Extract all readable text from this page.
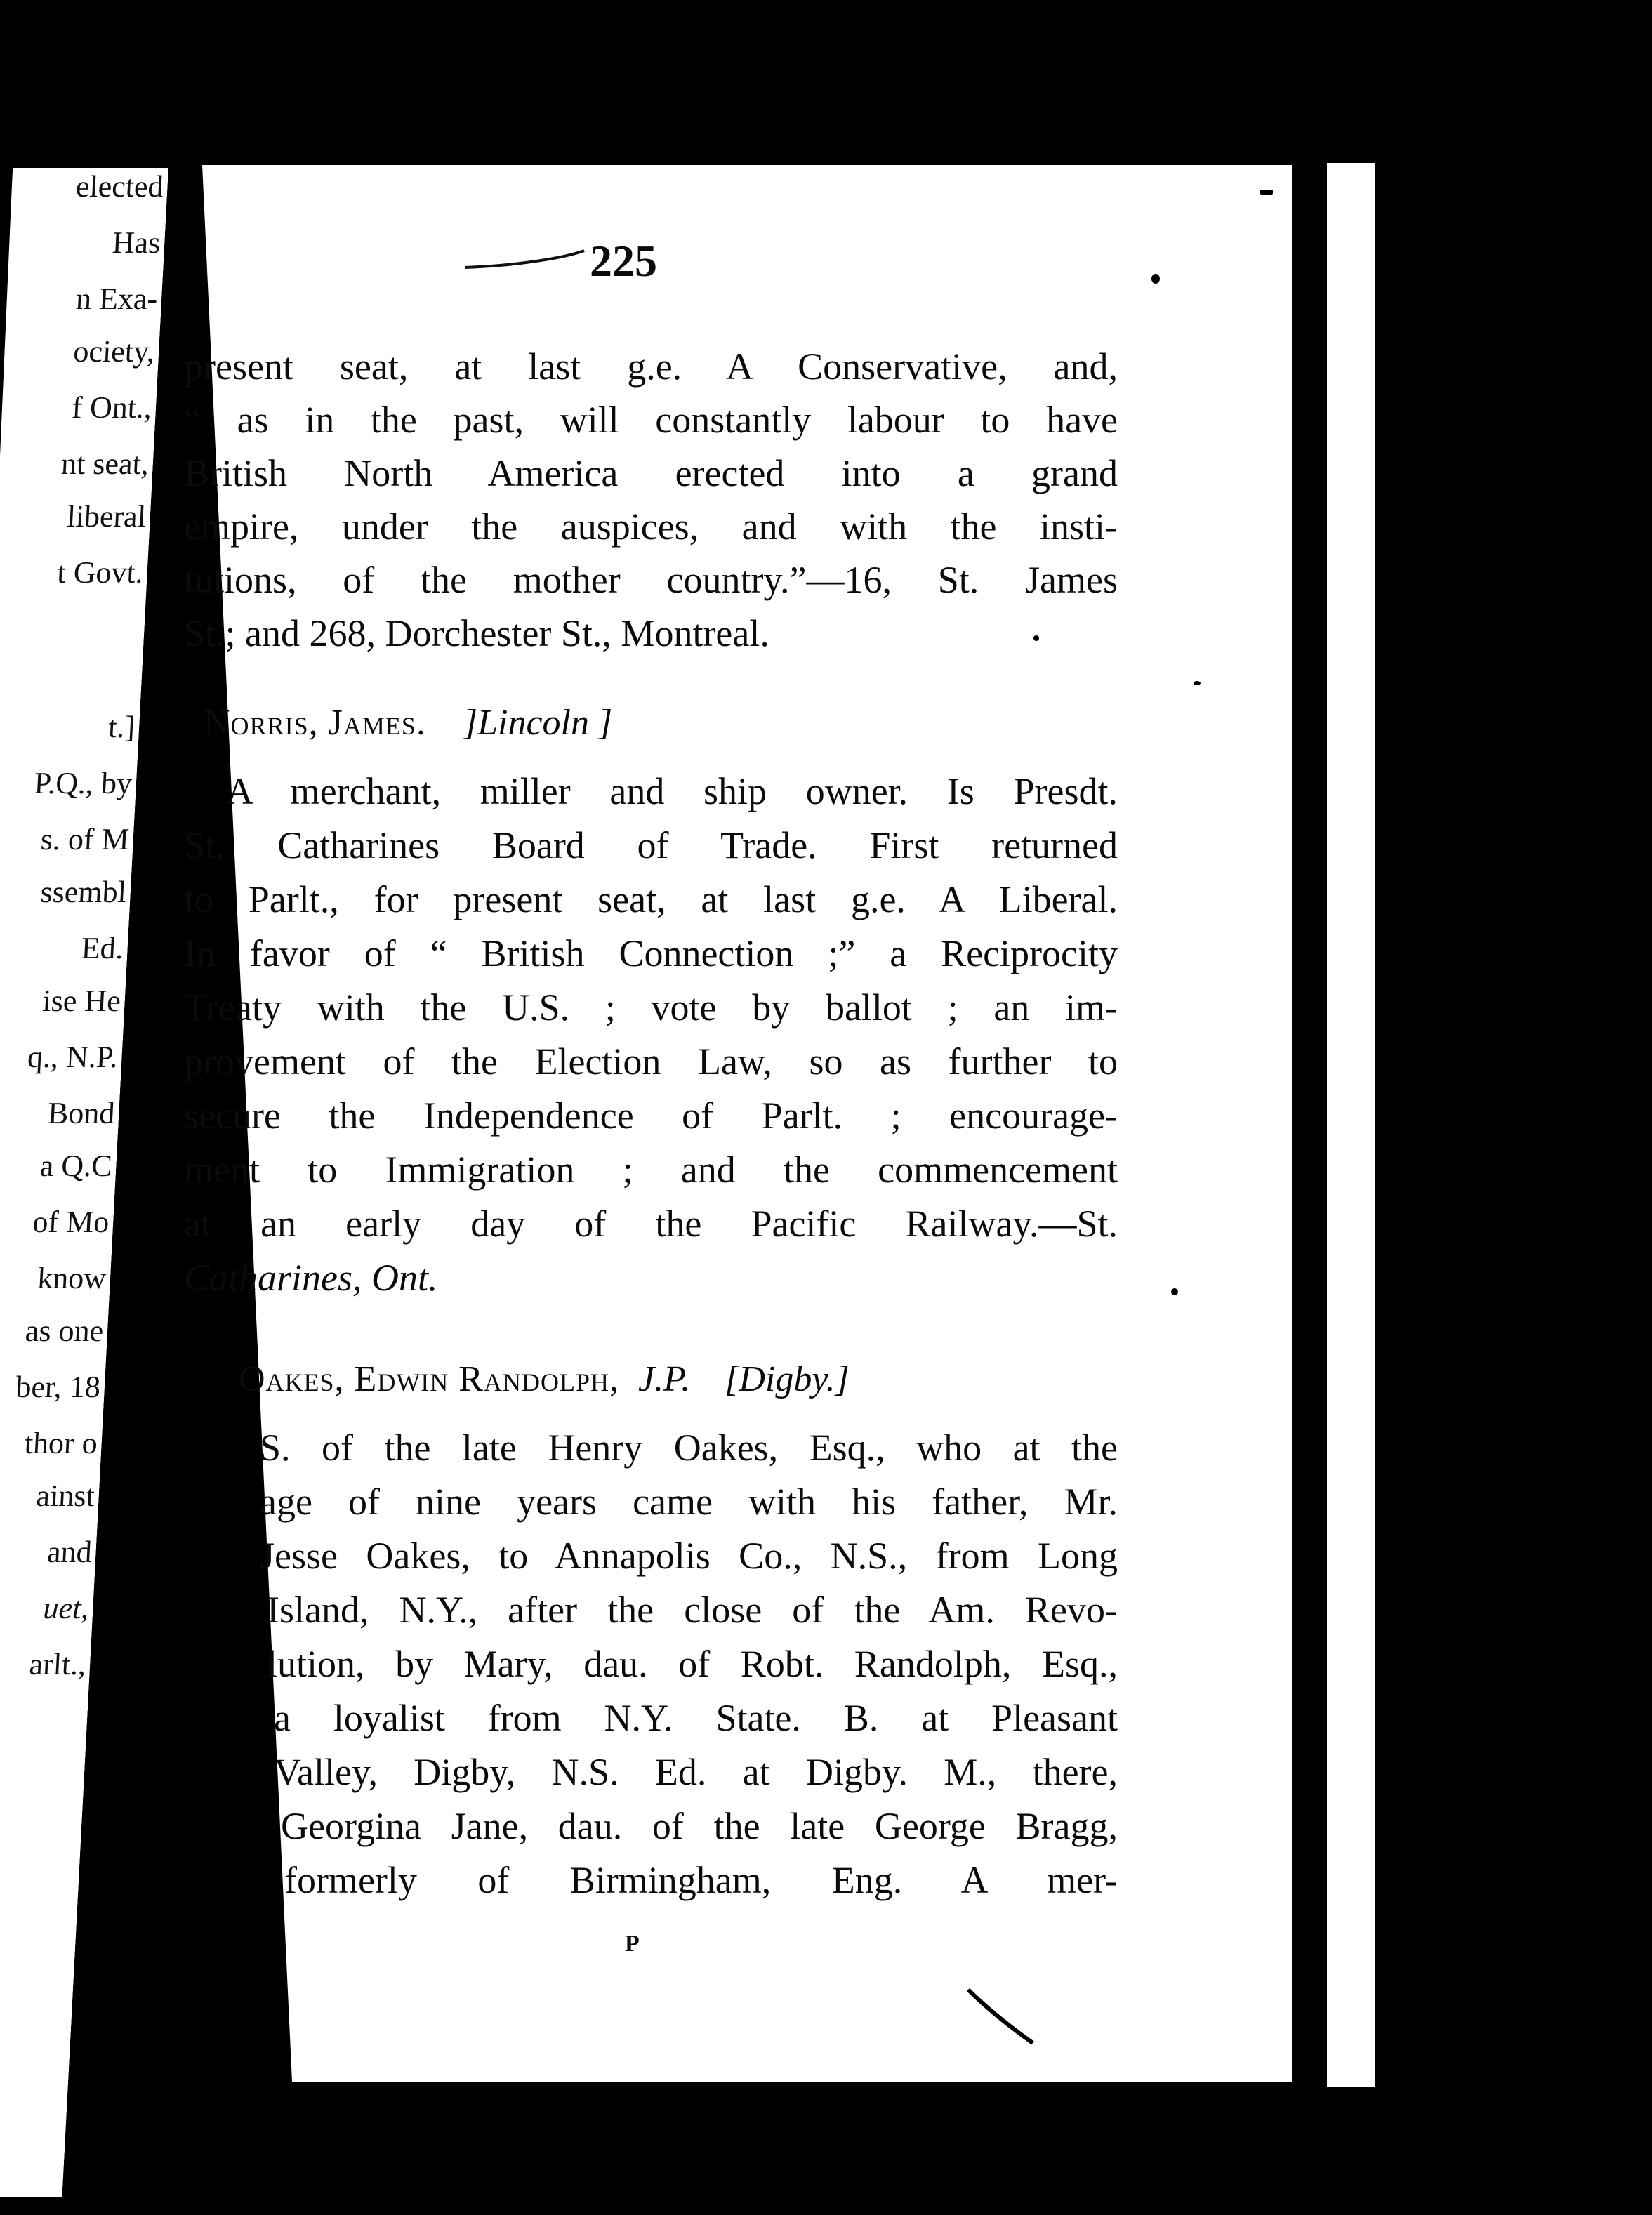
elected
Has
n Exa-
ociety,
f Ont.,
nt seat,
liberal
t Govt.
t.]
P.Q., by
s. of M
ssembl
Ed.
ise He
q., N.P.
Bond
a Q.C
of Mo
know
as one
ber, 18
thor o
ainst
and
uet,
arlt.,
225
present seat, at last g.e. A Conservative, and,
“ as in the past, will constantly labour to have
British North America erected into a grand
empire, under the auspices, and with the insti-
tutions, of the mother country.”—16, St. James
St.; and 268, Dorchester St., Montreal.
Norris, James. ]Lincoln ]
A merchant, miller and ship owner. Is Presdt.
St. Catharines Board of Trade. First returned
to Parlt., for present seat, at last g.e. A Liberal.
In favor of “ British Connection ;” a Reciprocity
Treaty with the U.S. ; vote by ballot ; an im-
provement of the Election Law, so as further to
secure the Independence of Parlt. ; encourage-
ment to Immigration ; and the commencement
at an early day of the Pacific Railway.—St.
Catharines, Ont.
Oakes, Edwin Randolph, J.P. [Digby.]
S. of the late Henry Oakes, Esq., who at the
age of nine years came with his father, Mr.
Jesse Oakes, to Annapolis Co., N.S., from Long
Island, N.Y., after the close of the Am. Revo-
lution, by Mary, dau. of Robt. Randolph, Esq.,
a loyalist from N.Y. State. B. at Pleasant
Valley, Digby, N.S. Ed. at Digby. M., there,
Georgina Jane, dau. of the late George Bragg,
formerly of Birmingham, Eng. A mer-
P
